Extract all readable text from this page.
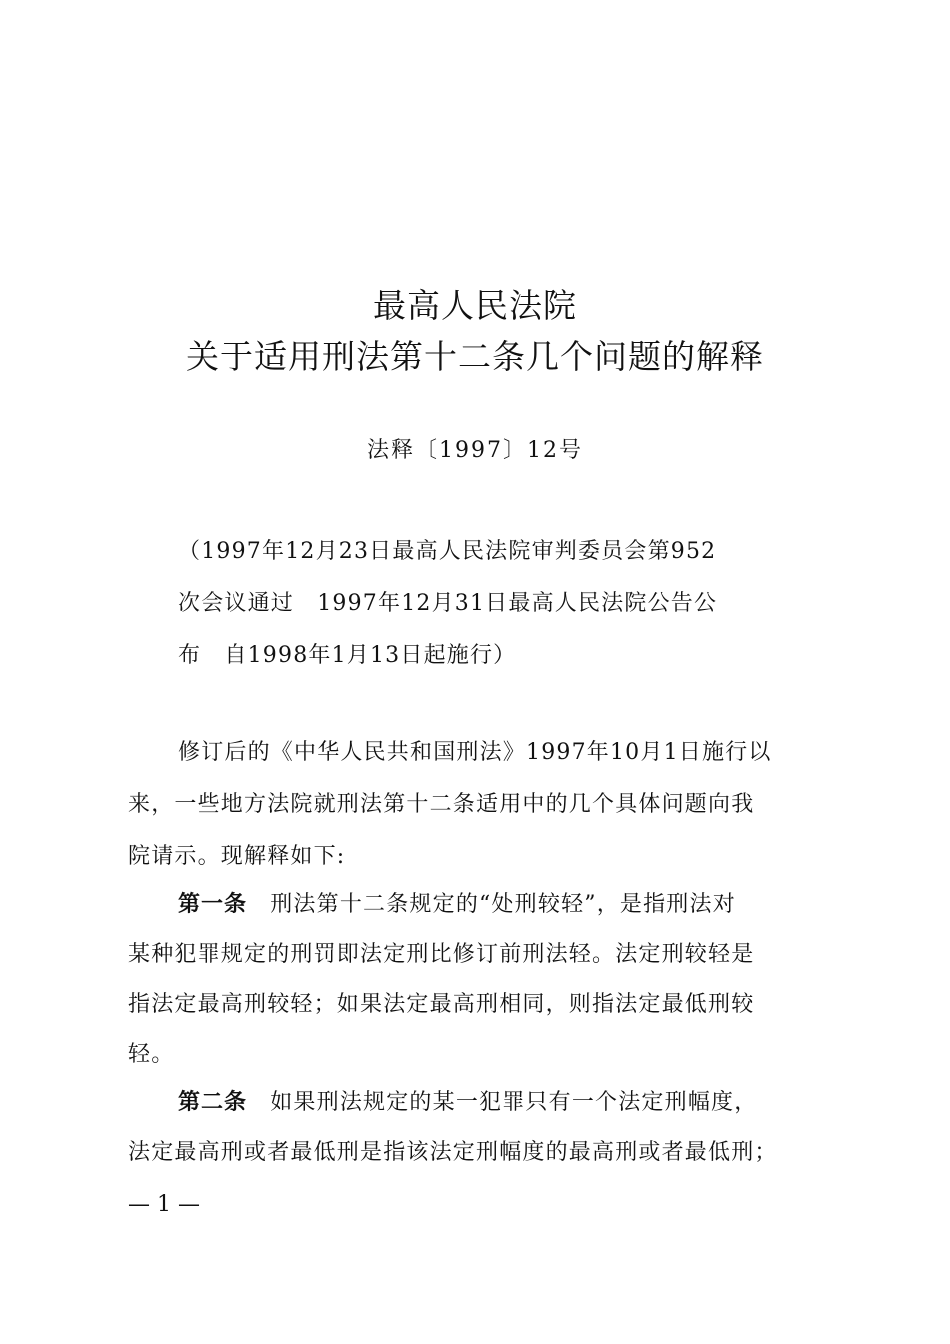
最高人民法院
关于适用刑法第十二条几个问题的解释
法释〔1997〕12号
（1997年12月23日最高人民法院审判委员会第952
次会议通过　1997年12月31日最高人民法院公告公
布　自1998年1月13日起施行）
修订后的《中华人民共和国刑法》1997年10月1日施行以
来，一些地方法院就刑法第十二条适用中的几个具体问题向我
院请示。现解释如下:
第一条　刑法第十二条规定的“处刑较轻”，是指刑法对
某种犯罪规定的刑罚即法定刑比修订前刑法轻。法定刑较轻是
指法定最高刑较轻；如果法定最高刑相同，则指法定最低刑较
轻。
第二条　如果刑法规定的某一犯罪只有一个法定刑幅度，
法定最高刑或者最低刑是指该法定刑幅度的最高刑或者最低刑；
— 1 —
